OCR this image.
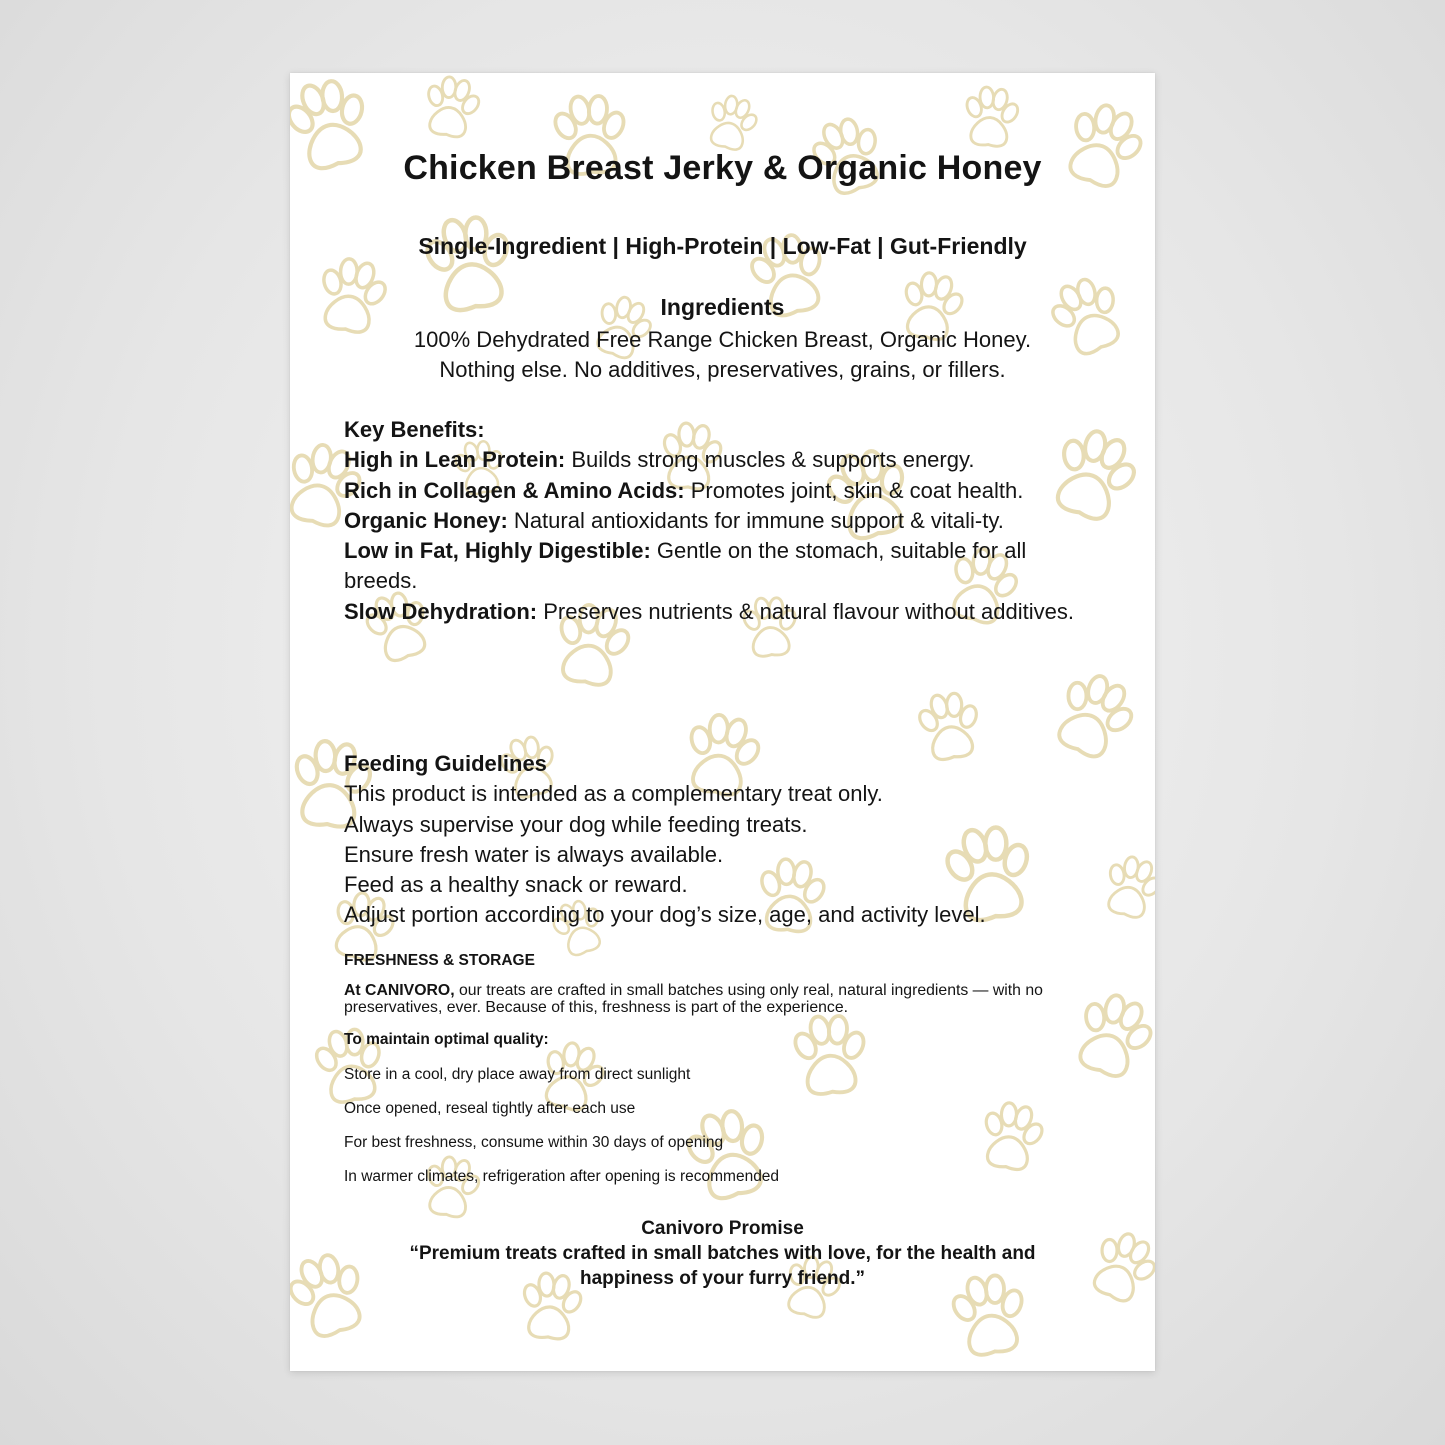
Chicken Breast Jerky & Organic Honey
Single-Ingredient | High-Protein | Low-Fat | Gut-Friendly
Ingredients
100% Dehydrated Free Range Chicken Breast, Organic Honey.
Nothing else. No additives, preservatives, grains, or fillers.

Key Benefits:

High in Lean Protein: Builds strong muscles & supports energy.

Rich in Collagen & Amino Acids: Promotes joint, skin & coat health.

Organic Honey: Natural antioxidants for immune support & vitali-ty.

Low in Fat, Highly Digestible: Gentle on the stomach, suitable for all breeds.

Slow Dehydration: Preserves nutrients & natural flavour without additives.

Feeding Guidelines

This product is intended as a complementary treat only.

Always supervise your dog while feeding treats.

Ensure fresh water is always available.

Feed as a healthy snack or reward.

Adjust portion according to your dog’s size, age, and activity level.

FRESHNESS & STORAGE
At CANIVORO, our treats are crafted in small batches using only real, natural ingredients — with no preservatives, ever. Because of this, freshness is part of the experience.
To maintain optimal quality:
Store in a cool, dry place away from direct sunlight
Once opened, reseal tightly after each use
For best freshness, consume within 30 days of opening
In warmer climates, refrigeration after opening is recommended
Canivoro Promise
“Premium treats crafted in small batches with love, for the health and
happiness of your furry friend.”
